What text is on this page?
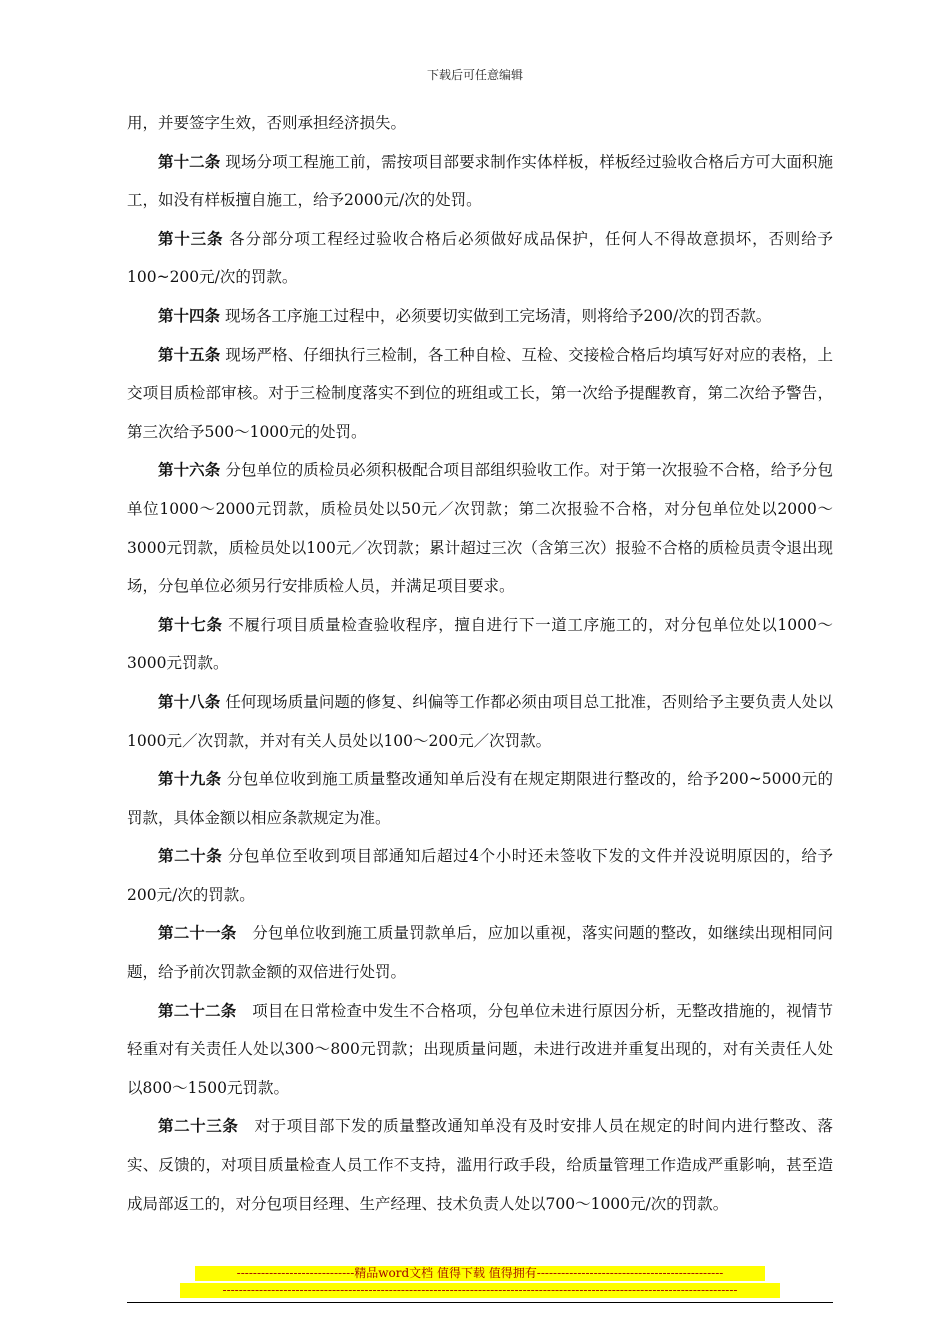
下载后可任意编辑

用，并要签字生效，否则承担经济损失。

第十二条 现场分项工程施工前，需按项目部要求制作实体样板，样板经过验收合格后方可大面积施工，如没有样板擅自施工，给予2000元/次的处罚。

第十三条 各分部分项工程经过验收合格后必须做好成品保护，任何人不得故意损坏，否则给予100~200元/次的罚款。

第十四条 现场各工序施工过程中，必须要切实做到工完场清，则将给予200/次的罚否款。

第十五条 现场严格、仔细执行三检制，各工种自检、互检、交接检合格后均填写好对应的表格，上交项目质检部审核。对于三检制度落实不到位的班组或工长，第一次给予提醒教育，第二次给予警告，第三次给予500～1000元的处罚。

第十六条 分包单位的质检员必须积极配合项目部组织验收工作。对于第一次报验不合格，给予分包单位1000～2000元罚款，质检员处以50元／次罚款；第二次报验不合格，对分包单位处以2000～3000元罚款，质检员处以100元／次罚款；累计超过三次（含第三次）报验不合格的质检员责令退出现场，分包单位必须另行安排质检人员，并满足项目要求。

第十七条 不履行项目质量检查验收程序，擅自进行下一道工序施工的，对分包单位处以1000～3000元罚款。

第十八条 任何现场质量问题的修复、纠偏等工作都必须由项目总工批准，否则给予主要负责人处以1000元／次罚款，并对有关人员处以100～200元／次罚款。

第十九条 分包单位收到施工质量整改通知单后没有在规定期限进行整改的，给予200~5000元的罚款，具体金额以相应条款规定为准。

第二十条 分包单位至收到项目部通知后超过4个小时还未签收下发的文件并没说明原因的，给予200元/次的罚款。

第二十一条 分包单位收到施工质量罚款单后，应加以重视，落实问题的整改，如继续出现相同问题，给予前次罚款金额的双倍进行处罚。

第二十二条 项目在日常检查中发生不合格项，分包单位未进行原因分析，无整改措施的，视情节轻重对有关责任人处以300～800元罚款；出现质量问题，未进行改进并重复出现的，对有关责任人处以800～1500元罚款。

第二十三条 对于项目部下发的质量整改通知单没有及时安排人员在规定的时间内进行整改、落实、反馈的，对项目质量检查人员工作不支持，滥用行政手段，给质量管理工作造成严重影响，甚至造成局部返工的，对分包项目经理、生产经理、技术负责人处以700～1000元/次的罚款。

-----------------------------精品word文档 值得下载 值得拥有----------------------------------------------
-------------------------------------------------------------------------------------------------------------------------------
